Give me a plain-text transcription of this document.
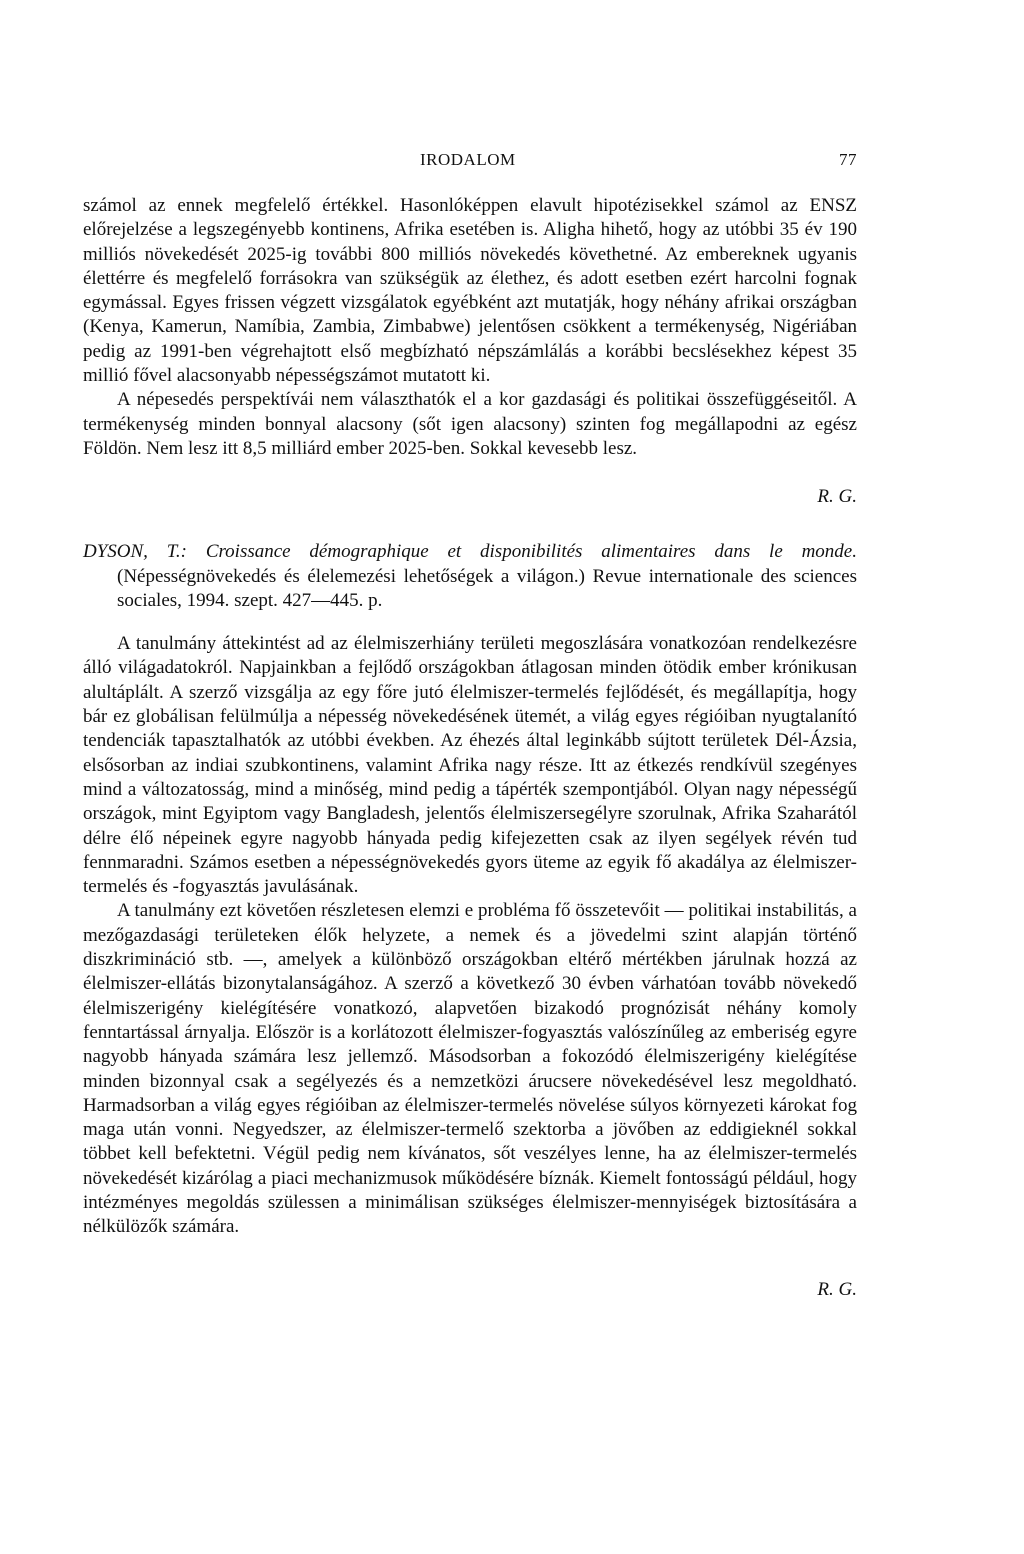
IRODALOM	77

számol az ennek megfelelő értékkel. Hasonlóképpen elavult hipotézisekkel számol az ENSZ előrejelzése a legszegényebb kontinens, Afrika esetében is. Aligha hihető, hogy az utóbbi 35 év 190 milliós növekedését 2025-ig további 800 milliós növekedés követhetné. Az embereknek ugyanis élettérre és megfelelő forrásokra van szükségük az élethez, és adott esetben ezért harcolni fognak egymással. Egyes frissen végzett vizsgálatok egyébként azt mutatják, hogy néhány afrikai országban (Kenya, Kamerun, Namíbia, Zambia, Zimbabwe) jelentősen csökkent a termékenység, Nigériában pedig az 1991-ben végrehajtott első megbízható népszámlálás a korábbi becslésekhez képest 35 millió fővel alacsonyabb népességszámot mutatott ki.

A népesedés perspektívái nem választhatók el a kor gazdasági és politikai összefüggéseitől. A termékenység minden bonnyal alacsony (sőt igen alacsony) szinten fog megállapodni az egész Földön. Nem lesz itt 8,5 milliárd ember 2025-ben. Sokkal kevesebb lesz.

R. G.

DYSON, T.: Croissance démographique et disponibilités alimentaires dans le monde. (Népességnövekedés és élelemezési lehetőségek a világon.) Revue internationale des sciences sociales, 1994. szept. 427—445. p.

A tanulmány áttekintést ad az élelmiszerhiány területi megoszlására vonatkozóan rendelkezésre álló világadatokról. Napjainkban a fejlődő országokban átlagosan minden ötödik ember krónikusan alultáplált. A szerző vizsgálja az egy főre jutó élelmiszer-termelés fejlődését, és megállapítja, hogy bár ez globálisan felülmúlja a népesség növekedésének ütemét, a világ egyes régióiban nyugtalanító tendenciák tapasztalhatók az utóbbi években. Az éhezés által leginkább sújtott területek Dél-Ázsia, elsősorban az indiai szubkontinens, valamint Afrika nagy része. Itt az étkezés rendkívül szegényes mind a változatosság, mind a minőség, mind pedig a tápérték szempontjából. Olyan nagy népességű országok, mint Egyiptom vagy Bangladesh, jelentős élelmiszersegélyre szorulnak, Afrika Szaharától délre élő népeinek egyre nagyobb hányada pedig kifejezetten csak az ilyen segélyek révén tud fennmaradni. Számos esetben a népességnövekedés gyors üteme az egyik fő akadálya az élelmiszer-termelés és -fogyasztás javulásának.

A tanulmány ezt követően részletesen elemzi e probléma fő összetevőit — politikai instabilitás, a mezőgazdasági területeken élők helyzete, a nemek és a jövedelmi szint alapján történő diszkrimináció stb. —, amelyek a különböző országokban eltérő mértékben járulnak hozzá az élelmiszer-ellátás bizonytalanságához. A szerző a következő 30 évben várhatóan tovább növekedő élelmiszerigény kielégítésére vonatkozó, alapvetően bizakodó prognózisát néhány komoly fenntartással árnyalja. Először is a korlátozott élelmiszer-fogyasztás valószínűleg az emberiség egyre nagyobb hányada számára lesz jellemző. Másodsorban a fokozódó élelmiszerigény kielégítése minden bizonnyal csak a segélyezés és a nemzetközi árucsere növekedésével lesz megoldható. Harmadsorban a világ egyes régióiban az élelmiszer-termelés növelése súlyos környezeti károkat fog maga után vonni. Negyedszer, az élelmiszer-termelő szektorba a jövőben az eddigieknél sokkal többet kell befektetni. Végül pedig nem kívánatos, sőt veszélyes lenne, ha az élelmiszer-termelés növekedését kizárólag a piaci mechanizmusok működésére bíznák. Kiemelt fontosságú például, hogy intézményes megoldás szülessen a minimálisan szükséges élelmiszer-mennyiségek biztosítására a nélkülözők számára.

R. G.
